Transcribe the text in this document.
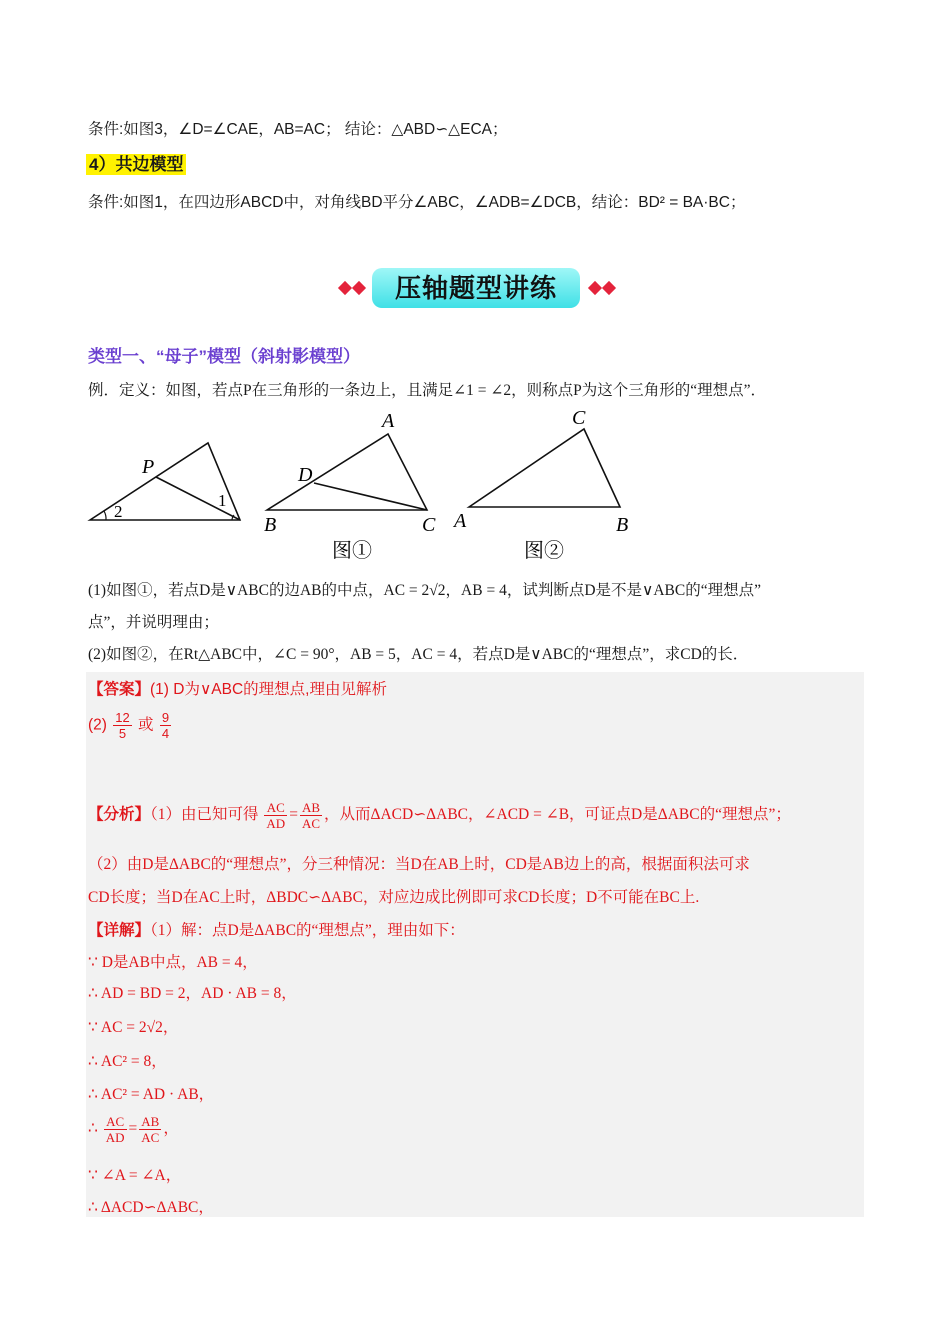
条件:如图3，∠D=∠CAE，AB=AC； 结论：△ABD∽△ECA；
4）共边模型
条件:如图1，在四边形ABCD中，对角线BD平分∠ABC，∠ADB=∠DCB，结论：BD² = BA·BC；
压轴题型讲练
类型一、“母子”模型（斜射影模型）
例．定义：如图，若点P在三角形的一条边上，且满足∠1 = ∠2，则称点P为这个三角形的“理想点”．
P
2
1
A
D
B	C
图①
C
A	B
图②
(1)如图①，若点D是∨ABC的边AB的中点，AC = 2√2，AB = 4，试判断点D是不是∨ABC的“理想点”
点”，并说明理由；
(2)如图②，在Rt△ABC中，∠C = 90°，AB = 5，AC = 4，若点D是∨ABC的“理想点”，求CD的长．
【答案】(1) D为∨ABC的理想点,理由见解析
$(2) \frac{12}{5}$ 或 $\frac{9}{4}$
【分析】（1）由已知可得 $\frac{AC}{AD} = \frac{AB}{AC}$ ，从而ΔACD∽ΔABC，∠ACD = ∠B，可证点D是ΔABC的“理想点”；
（2）由D是ΔABC的“理想点”，分三种情况：当D在AB上时，CD是AB边上的高，根据面积法可求
CD长度；当D在AC上时，ΔBDC∽ΔABC，对应边成比例即可求CD长度；D不可能在BC上.
【详解】（1）解：点D是ΔABC的“理想点”，理由如下：
∵ D是AB中点，AB = 4，
∴ AD = BD = 2，AD · AB = 8，
∵ AC = 2√2，
∴ AC² = 8，
∴ AC² = AD · AB，
∴ $\frac{AC}{AD} = \frac{AB}{AC}$ ，
∵ ∠A = ∠A，
∴ ΔACD∽ΔABC，
